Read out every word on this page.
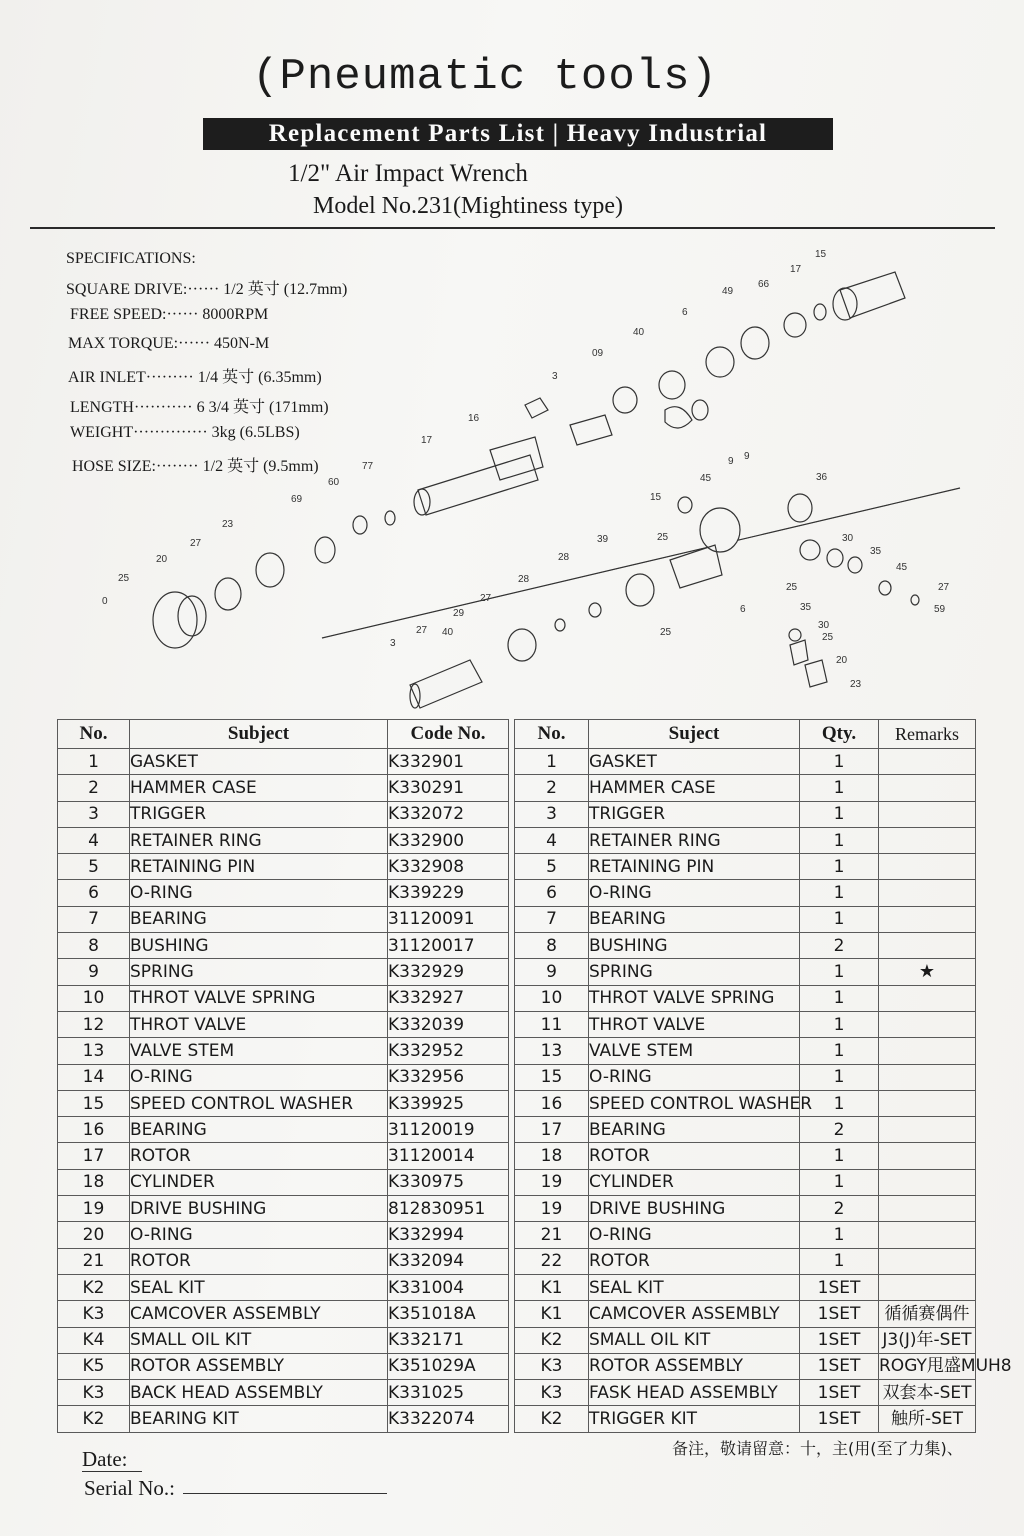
(Pneumatic tools)
Replacement Parts List | Heavy Industrial
1/2" Air Impact Wrench
Model No.231(Mightiness type)
SPECIFICATIONS:
SQUARE DRIVE:······ 1/2 英寸 (12.7mm)
FREE SPEED:······ 8000RPM
MAX TORQUE:······ 450N-M
AIR INLET········· 1/4 英寸 (6.35mm)
LENGTH··········· 6 3/4 英寸 (171mm)
WEIGHT·············· 3kg (6.5LBS)
HOSE SIZE:········ 1/2 英寸 (9.5mm)
15
17
66
49
6
40
09
3
16
17
77
60
69
23
27
20
25
0
9
45
9
36
15
25	30
35
45
27
59
39
28
28
27
29
40
27
3
25
25
6	35
30
25
20
23
No.	Subject	Code No.
1	GASKET	K332901
2	HAMMER CASE	K330291
3	TRIGGER	K332072
4	RETAINER RING	K332900
5	RETAINING PIN	K332908
6	O-RING	K339229
7	BEARING	31120091
8	BUSHING	31120017
9	SPRING	K332929
10	THROT VALVE SPRING	K332927
12	THROT VALVE	K332039
13	VALVE STEM	K332952
14	O-RING	K332956
15	SPEED CONTROL WASHER	K339925
16	BEARING	31120019
17	ROTOR	31120014
18	CYLINDER	K330975
19	DRIVE BUSHING	812830951
20	O-RING	K332994
21	ROTOR	K332094
K2	SEAL KIT	K331004
K3	CAMCOVER ASSEMBLY	K351018A
K4	SMALL OIL KIT	K332171
K5	ROTOR ASSEMBLY	K351029A
K3	BACK HEAD ASSEMBLY	K331025
K2	BEARING KIT	K3322074
No.	Suject	Qty.	Remarks
1	GASKET	1	
2	HAMMER CASE	1	
3	TRIGGER	1	
4	RETAINER RING	1	
5	RETAINING PIN	1	
6	O-RING	1	
7	BEARING	1	
8	BUSHING	2	
9	SPRING	1	★
10	THROT VALVE SPRING	1	
11	THROT VALVE	1	
13	VALVE STEM	1	
15	O-RING	1	
16	SPEED CONTROL WASHER	1	
17	BEARING	2	
18	ROTOR	1	
19	CYLINDER	1	
19	DRIVE BUSHING	2	
21	O-RING	1	
22	ROTOR	1	
K1	SEAL KIT	1SET	
K1	CAMCOVER ASSEMBLY	1SET	循循赛偶件
K2	SMALL OIL KIT	1SET	J3(J)年-SET
K3	ROTOR ASSEMBLY	1SET	ROGY甩盛MUH8
K3	FASK HEAD ASSEMBLY	1SET	双套本-SET
K2	TRIGGER KIT	1SET	触所-SET
备注，敬请留意：十，主(用(至了力集)、
Date:
Serial No.:
